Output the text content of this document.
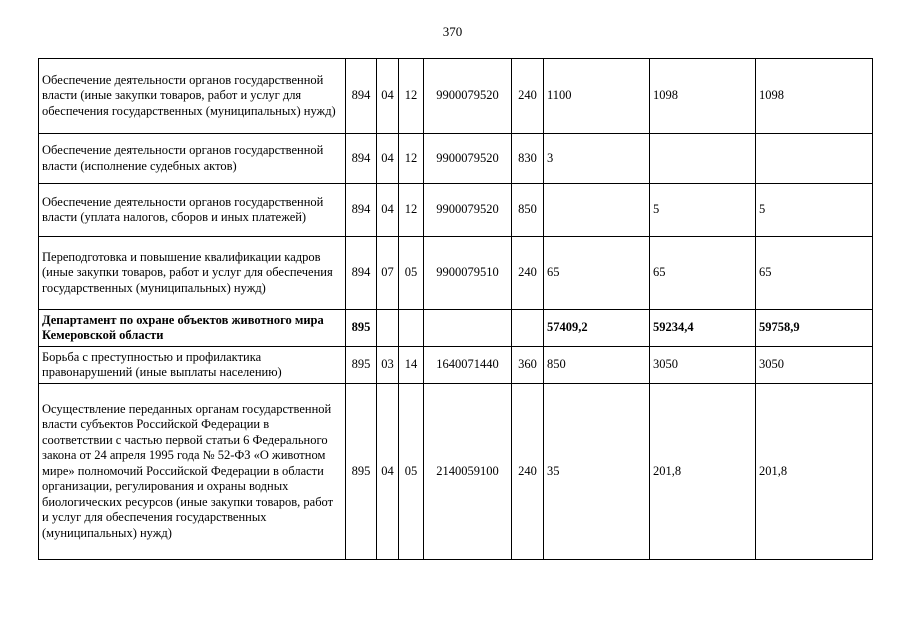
370
Обеспечение деятельности органов государственной власти (иные закупки товаров, работ и услуг для обеспечения государственных (муниципальных) нужд)	894	04	12	9900079520	240	1100	1098	1098
Обеспечение деятельности органов государственной власти (исполнение судебных актов)	894	04	12	9900079520	830	3		
Обеспечение деятельности органов государственной власти (уплата налогов, сборов и иных платежей)	894	04	12	9900079520	850		5	5
Переподготовка и повышение квалификации кадров (иные закупки товаров, работ и услуг для обеспечения государственных (муниципальных) нужд)	894	07	05	9900079510	240	65	65	65
Департамент по охране объектов животного мира Кемеровской области	895					57409,2	59234,4	59758,9
Борьба с преступностью и профилактика правонарушений (иные выплаты населению)	895	03	14	1640071440	360	850	3050	3050
Осуществление переданных органам государственной власти субъектов Российской Федерации в соответствии с частью первой статьи 6 Федерального закона от 24 апреля 1995 года № 52-ФЗ «О животном мире» полномочий Российской Федерации в области организации, регулирования и охраны водных биологических ресурсов (иные закупки товаров, работ и услуг для обеспечения государственных (муниципальных) нужд)	895	04	05	2140059100	240	35	201,8	201,8
